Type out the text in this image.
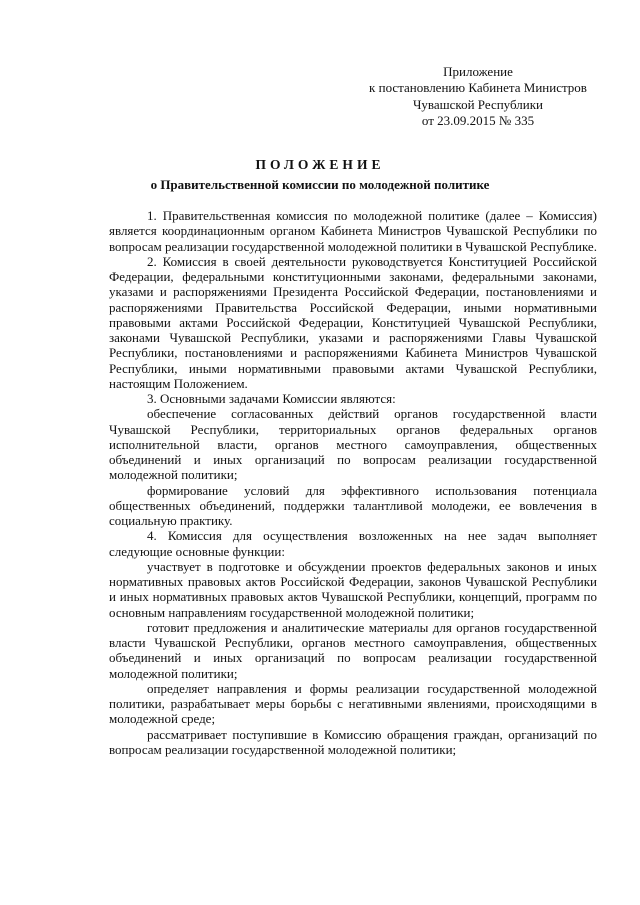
Приложение
к постановлению Кабинета Министров
Чувашской Республики
от 23.09.2015 № 335
ПОЛОЖЕНИЕ
о Правительственной комиссии по молодежной политике

1. Правительственная комиссия по молодежной политике (далее – Комиссия) является координационным органом Кабинета Министров Чувашской Республики по вопросам реализации государственной молодежной политики в Чувашской Республике.

2. Комиссия в своей деятельности руководствуется Конституцией Российской Федерации, федеральными конституционными законами, федеральными законами, указами и распоряжениями Президента Российской Федерации, постановлениями и распоряжениями Правительства Российской Федерации, иными нормативными правовыми актами Российской Федерации, Конституцией Чувашской Республики, законами Чувашской Республики, указами и распоряжениями Главы Чувашской Республики, постановлениями и распоряжениями Кабинета Министров Чувашской Республики, иными нормативными правовыми актами Чувашской Республики, настоящим Положением.

3. Основными задачами Комиссии являются:

обеспечение согласованных действий органов государственной власти Чувашской Республики, территориальных органов федеральных органов исполнительной власти, органов местного самоуправления, общественных объединений и иных организаций по вопросам реализации государственной молодежной политики;

формирование условий для эффективного использования потенциала общественных объединений, поддержки талантливой молодежи, ее вовлечения в социальную практику.

4. Комиссия для осуществления возложенных на нее задач выполняет следующие основные функции:

участвует в подготовке и обсуждении проектов федеральных законов и иных нормативных правовых актов Российской Федерации, законов Чувашской Республики и иных нормативных правовых актов Чувашской Республики, концепций, программ по основным направлениям государственной молодежной политики;

готовит предложения и аналитические материалы для органов государственной власти Чувашской Республики, органов местного самоуправления, общественных объединений и иных организаций по вопросам реализации государственной молодежной политики;

определяет направления и формы реализации государственной молодежной политики, разрабатывает меры борьбы с негативными явлениями, происходящими в молодежной среде;

рассматривает поступившие в Комиссию обращения граждан, организаций по вопросам реализации государственной молодежной политики;
